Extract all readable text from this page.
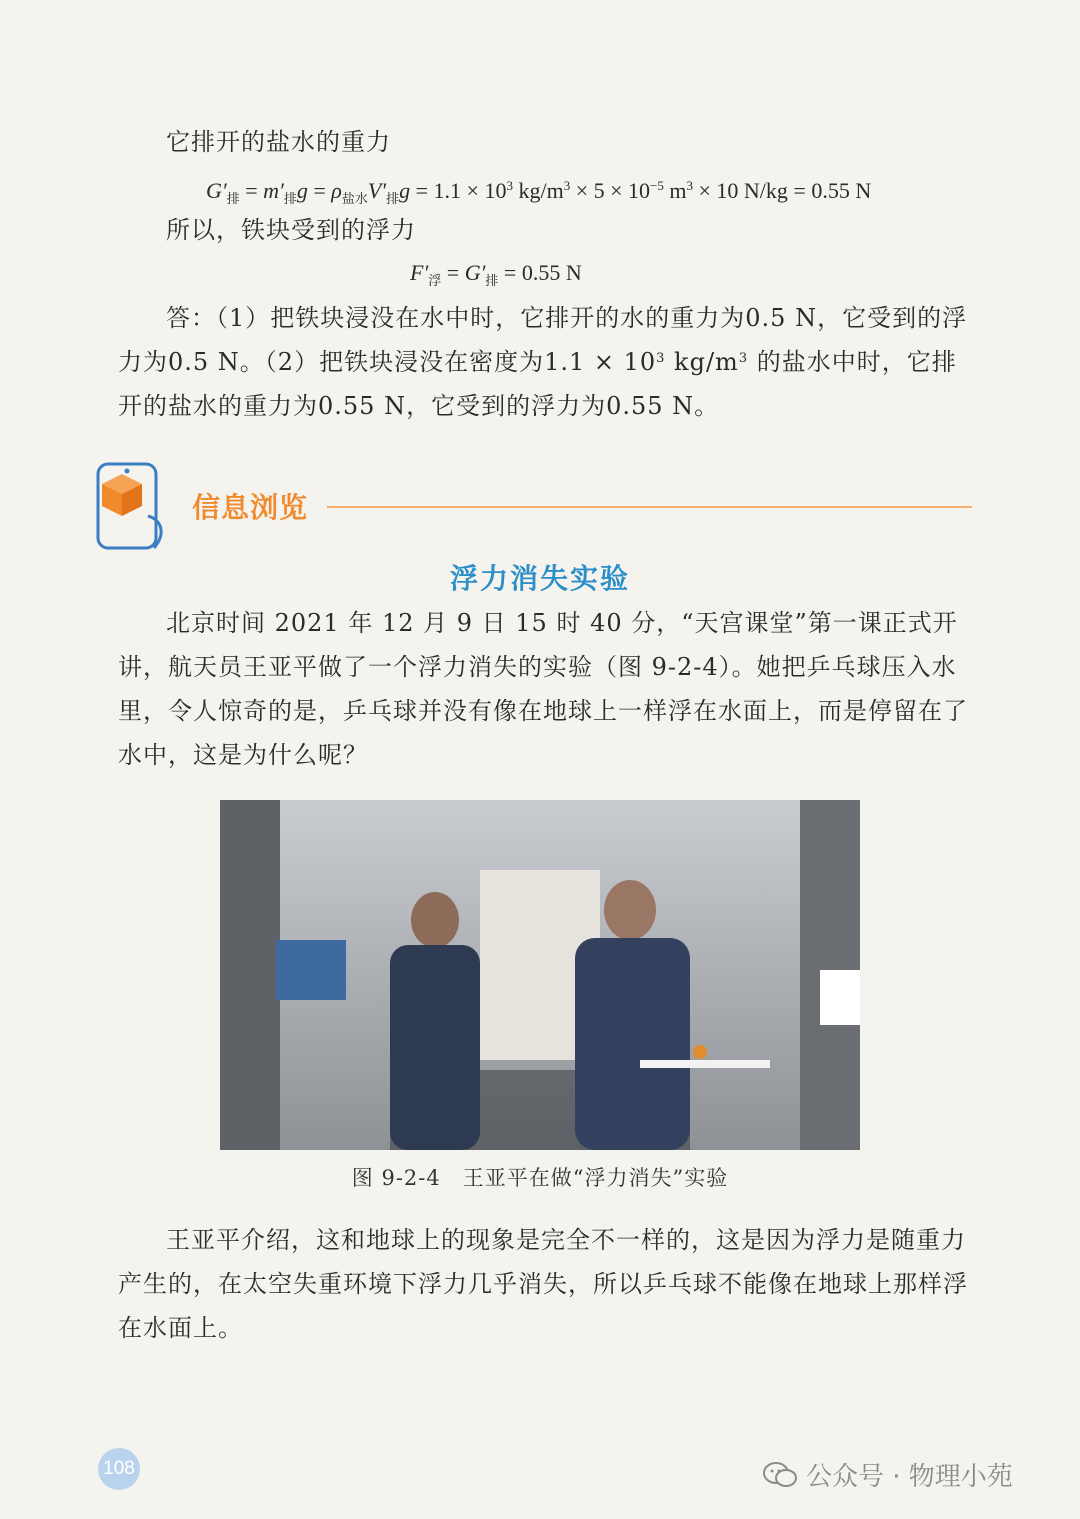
它排开的盐水的重力

$G'_排 = m'_排g = \rho_{盐水}V'_排g = 1.1 \times 10^3$ $kg/m^3 \times 5 \times 10^{-5}$ $m^3 \times 10$ N/kg = 0.55 N

所以，铁块受到的浮力

$F'_浮 = G'_排 = 0.55$ N

答：（1）把铁块浸没在水中时，它排开的水的重力为0.5 N，它受到的浮力为0.5 N。（2）把铁块浸没在密度为$1.1 \times 10^3$ $kg/m^3$ 的盐水中时，它排开的盐水的重力为0.55 N，它受到的浮力为0.55 N。

信息浏览
浮力消失实验

北京时间 2021 年 12 月 9 日 15 时 40 分，“天宫课堂”第一课正式开讲，航天员王亚平做了一个浮力消失的实验（图 9-2-4）。她把乒乓球压入水里，令人惊奇的是，乒乓球并没有像在地球上一样浮在水面上，而是停留在了水中，这是为什么呢？

图 9-2-4　王亚平在做“浮力消失”实验

王亚平介绍，这和地球上的现象是完全不一样的，这是因为浮力是随重力产生的，在太空失重环境下浮力几乎消失，所以乒乓球不能像在地球上那样浮在水面上。

108	公众号 · 物理小苑
